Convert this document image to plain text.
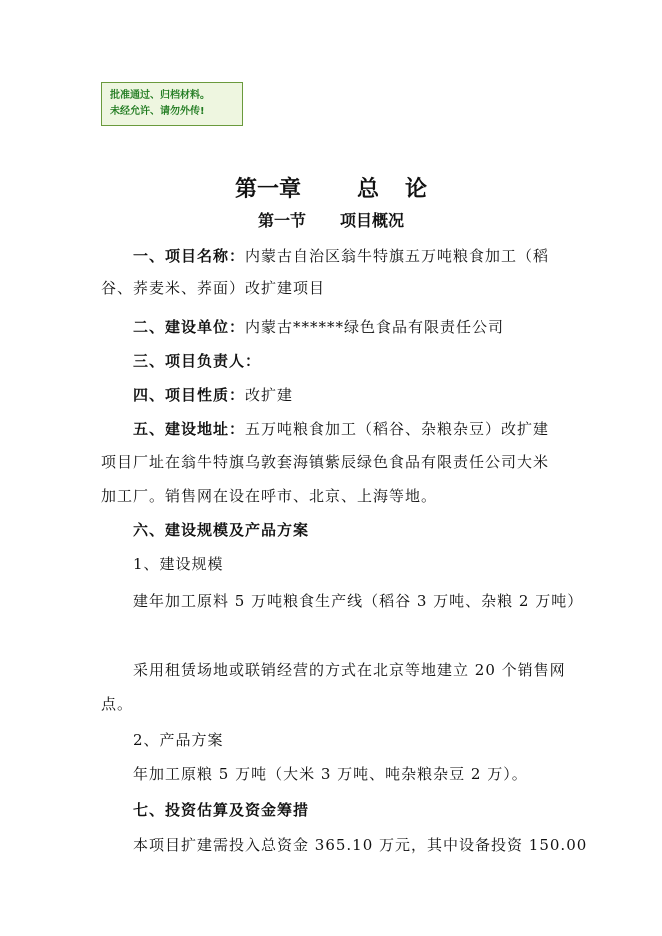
批准通过、归档材料。
未经允许、请勿外传!
第一章	总 论
第一节 项目概况
一、项目名称：内蒙古自治区翁牛特旗五万吨粮食加工（稻
谷、荞麦米、荞面）改扩建项目
二、建设单位：内蒙古******绿色食品有限责任公司
三、项目负责人：
四、项目性质：改扩建
五、建设地址：五万吨粮食加工（稻谷、杂粮杂豆）改扩建
项目厂址在翁牛特旗乌敦套海镇紫辰绿色食品有限责任公司大米
加工厂。销售网在设在呼市、北京、上海等地。
六、建设规模及产品方案
1、建设规模
建年加工原料 5 万吨粮食生产线（稻谷 3 万吨、杂粮 2 万吨）
采用租赁场地或联销经营的方式在北京等地建立 20 个销售网
点。
2、产品方案
年加工原粮 5 万吨（大米 3 万吨、吨杂粮杂豆 2 万）。
七、投资估算及资金筹措
本项目扩建需投入总资金 365.10 万元，其中设备投资 150.00
